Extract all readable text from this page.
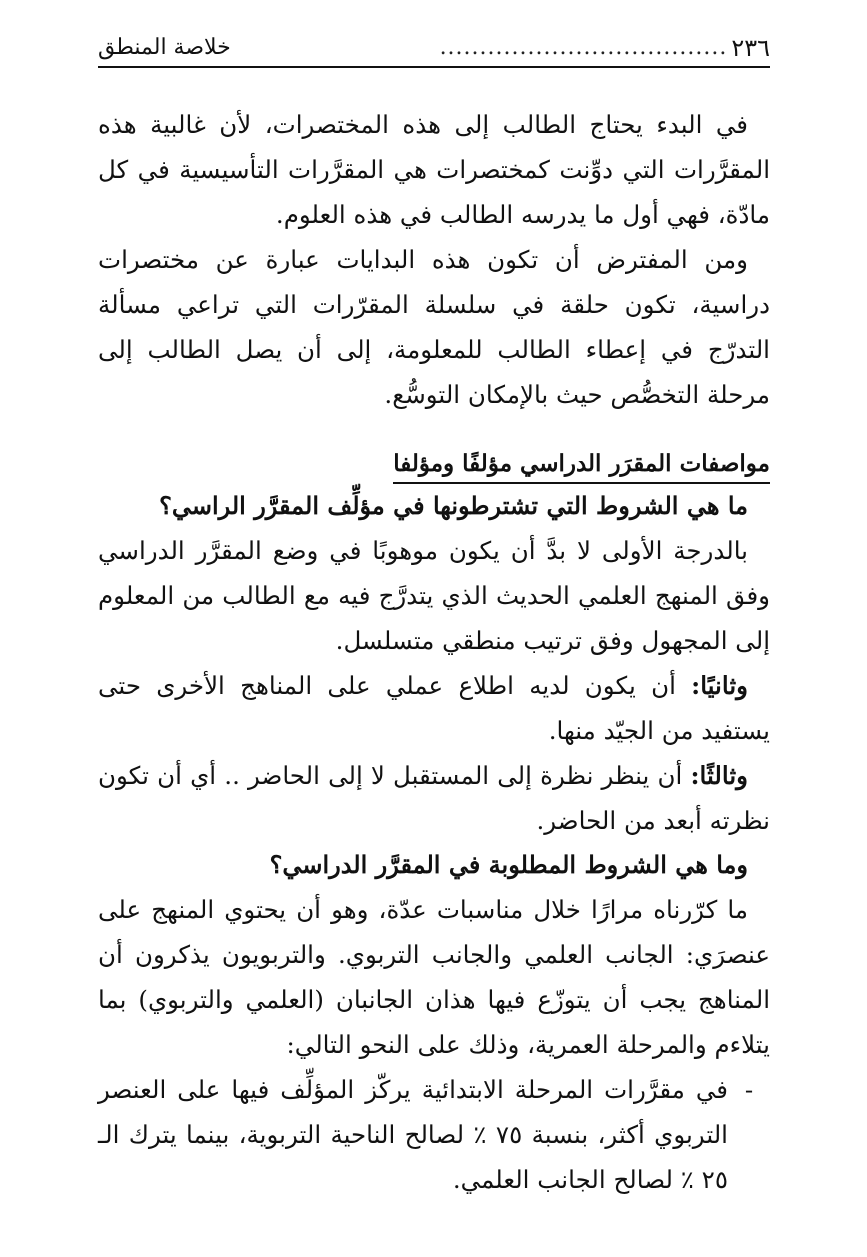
٢٣٦
....................................
خلاصة المنطق

في البدء يحتاج الطالب إلى هذه المختصرات، لأن غالبية هذه المقرَّرات التي دوِّنت كمختصرات هي المقرَّرات التأسيسية في كل مادّة، فهي أول ما يدرسه الطالب في هذه العلوم.

ومن المفترض أن تكون هذه البدايات عبارة عن مختصرات دراسية، تكون حلقة في سلسلة المقرّرات التي تراعي مسألة التدرّج في إعطاء الطالب للمعلومة، إلى أن يصل الطالب إلى مرحلة التخصُّص حيث بالإمكان التوسُّع.

مواصفات المقرَر الدراسي مؤلفًا ومؤلفا

ما هي الشروط التي تشترطونها في مؤلِّف المقرَّر الراسي؟

بالدرجة الأولى لا بدَّ أن يكون موهوبًا في وضع المقرَّر الدراسي وفق المنهج العلمي الحديث الذي يتدرَّج فيه مع الطالب من المعلوم إلى المجهول وفق ترتيب منطقي متسلسل.

وثانيًا: أن يكون لديه اطلاع عملي على المناهج الأخرى حتى يستفيد من الجيّد منها.

وثالثًا: أن ينظر نظرة إلى المستقبل لا إلى الحاضر .. أي أن تكون نظرته أبعد من الحاضر.

وما هي الشروط المطلوبة في المقرَّر الدراسي؟

ما كرّرناه مرارًا خلال مناسبات عدّة، وهو أن يحتوي المنهج على عنصرَي: الجانب العلمي والجانب التربوي. والتربويون يذكرون أن المناهج يجب أن يتوزّع فيها هذان الجانبان (العلمي والتربوي) بما يتلاءم والمرحلة العمرية، وذلك على النحو التالي:

-

في مقرَّرات المرحلة الابتدائية يركّز المؤلِّف فيها على العنصر التربوي أكثر، بنسبة ٧٥ ٪ لصالح الناحية التربوية، بينما يترك الـ ٢٥ ٪ لصالح الجانب العلمي.
